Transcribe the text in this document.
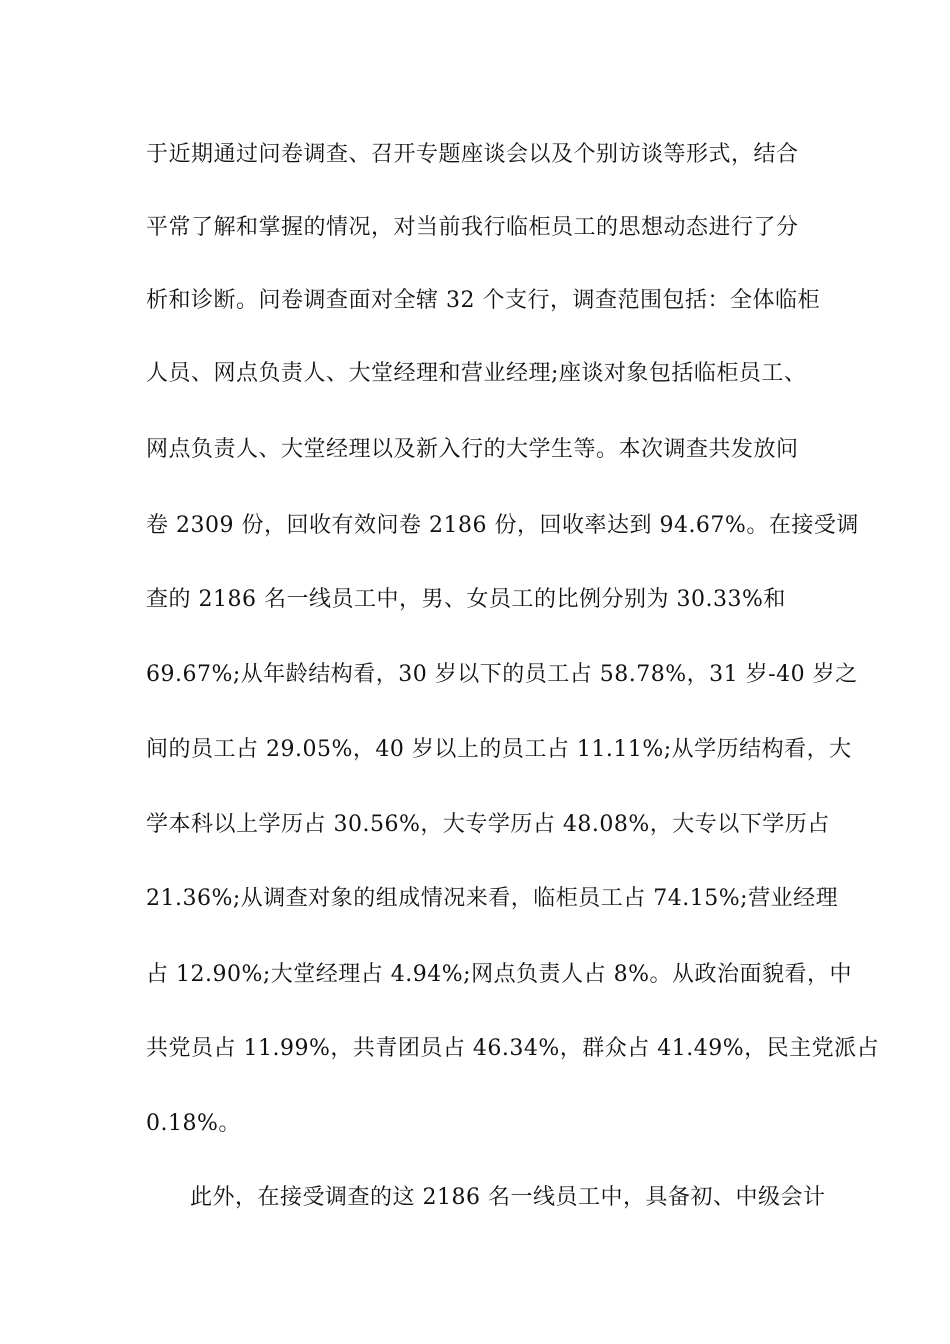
于近期通过问卷调查、召开专题座谈会以及个别访谈等形式，结合
平常了解和掌握的情况，对当前我行临柜员工的思想动态进行了分
析和诊断。问卷调查面对全辖 32 个支行，调查范围包括：全体临柜
人员、网点负责人、大堂经理和营业经理;座谈对象包括临柜员工、
网点负责人、大堂经理以及新入行的大学生等。本次调查共发放问
卷 2309 份，回收有效问卷 2186 份，回收率达到 94.67%。在接受调
查的 2186 名一线员工中，男、女员工的比例分别为 30.33%和
69.67%;从年龄结构看，30 岁以下的员工占 58.78%，31 岁-40 岁之
间的员工占 29.05%，40 岁以上的员工占 11.11%;从学历结构看，大
学本科以上学历占 30.56%，大专学历占 48.08%，大专以下学历占
21.36%;从调查对象的组成情况来看，临柜员工占 74.15%;营业经理
占 12.90%;大堂经理占 4.94%;网点负责人占 8%。从政治面貌看，中
共党员占 11.99%，共青团员占 46.34%，群众占 41.49%，民主党派占
0.18%。
此外，在接受调查的这 2186 名一线员工中，具备初、中级会计
